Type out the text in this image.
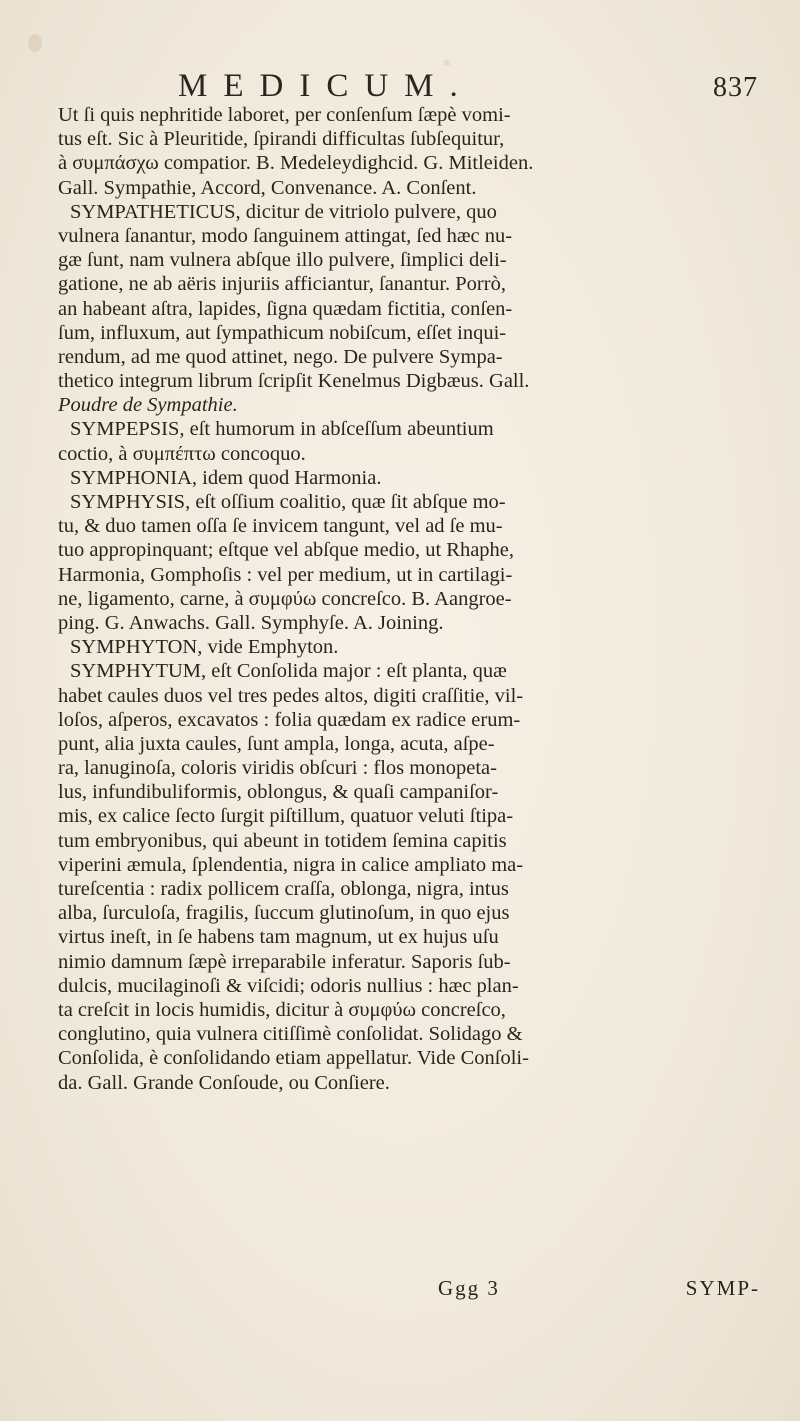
MEDICUM.	837
Ut ſi quis nephritide laboret, per conſenſum ſæpè vomi-
tus eſt. Sic à Pleuritide, ſpirandi difficultas ſubſequitur,
à συμπάσχω compatior. B. Medeleydighcid. G. Mitleiden.
Gall. Sympathie, Accord, Convenance. A. Conſent.
SYMPATHETICUS, dicitur de vitriolo pulvere, quo
vulnera ſanantur, modo ſanguinem attingat, ſed hæc nu-
gæ ſunt, nam vulnera abſque illo pulvere, ſimplici deli-
gatione, ne ab aëris injuriis afficiantur, ſanantur. Porrò,
an habeant aſtra, lapides, ſigna quædam fictitia, conſen-
ſum, influxum, aut ſympathicum nobiſcum, eſſet inqui-
rendum, ad me quod attinet, nego. De pulvere Sympa-
thetico integrum librum ſcripſit Kenelmus Digbæus. Gall.
Poudre de Sympathie.
SYMPEPSIS, eſt humorum in abſceſſum abeuntium
coctio, à συμπέπτω concoquo.
SYMPHONIA, idem quod Harmonia.
SYMPHYSIS, eſt oſſium coalitio, quæ ſit abſque mo-
tu, & duo tamen oſſa ſe invicem tangunt, vel ad ſe mu-
tuo appropinquant; eſtque vel abſque medio, ut Rhaphe,
Harmonia, Gomphoſis : vel per medium, ut in cartilagi-
ne, ligamento, carne, à συμφύω concreſco. B. Aangroe-
ping. G. Anwachs. Gall. Symphyſe. A. Joining.
SYMPHYTON, vide Emphyton.
SYMPHYTUM, eſt Conſolida major : eſt planta, quæ
habet caules duos vel tres pedes altos, digiti craſſitie, vil-
loſos, aſperos, excavatos : folia quædam ex radice erum-
punt, alia juxta caules, ſunt ampla, longa, acuta, aſpe-
ra, lanuginoſa, coloris viridis obſcuri : flos monopeta-
lus, infundibuliformis, oblongus, & quaſi campaniſor-
mis, ex calice ſecto ſurgit piſtillum, quatuor veluti ſtipa-
tum embryonibus, qui abeunt in totidem ſemina capitis
viperini æmula, ſplendentia, nigra in calice ampliato ma-
tureſcentia : radix pollicem craſſa, oblonga, nigra, intus
alba, ſurculoſa, fragilis, ſuccum glutinoſum, in quo ejus
virtus ineſt, in ſe habens tam magnum, ut ex hujus uſu
nimio damnum ſæpè irreparabile inferatur. Saporis ſub-
dulcis, mucilaginoſi & viſcidi; odoris nullius : hæc plan-
ta creſcit in locis humidis, dicitur à συμφύω concreſco,
conglutino, quia vulnera citiſſimè conſolidat. Solidago &
Conſolida, è conſolidando etiam appellatur. Vide Conſoli-
da. Gall. Grande Conſoude, ou Conſiere.
Ggg 3	SYMP-
